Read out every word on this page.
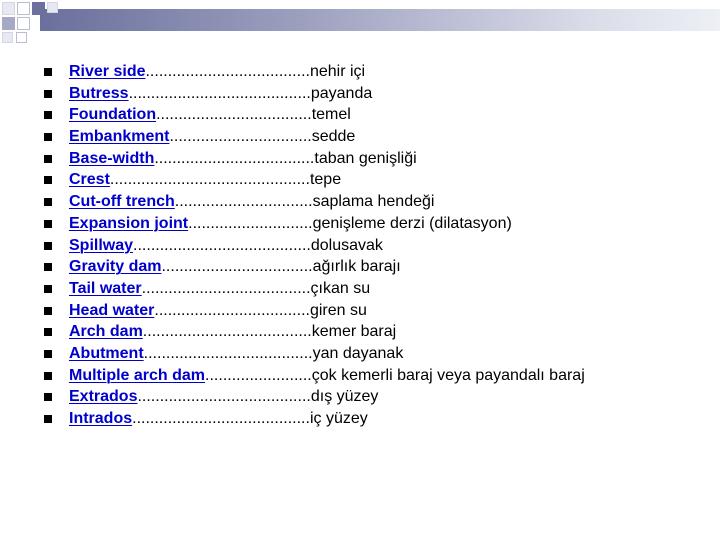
River side.....................................nehir içi
Butress.........................................payanda
Foundation...................................temel
Embankment................................sedde
Base-width....................................taban genişliği
Crest.............................................tepe
Cut-off trench...............................saplama hendeği
Expansion joint............................genişleme derzi (dilatasyon)
Spillway........................................dolusavak
Gravity dam..................................ağırlık barajı
Tail water......................................çıkan su
Head water...................................giren su
Arch dam......................................kemer baraj
Abutment......................................yan dayanak
Multiple arch dam........................çok kemerli baraj veya payandalı baraj
Extrados.......................................dış yüzey
Intrados........................................iç yüzey
